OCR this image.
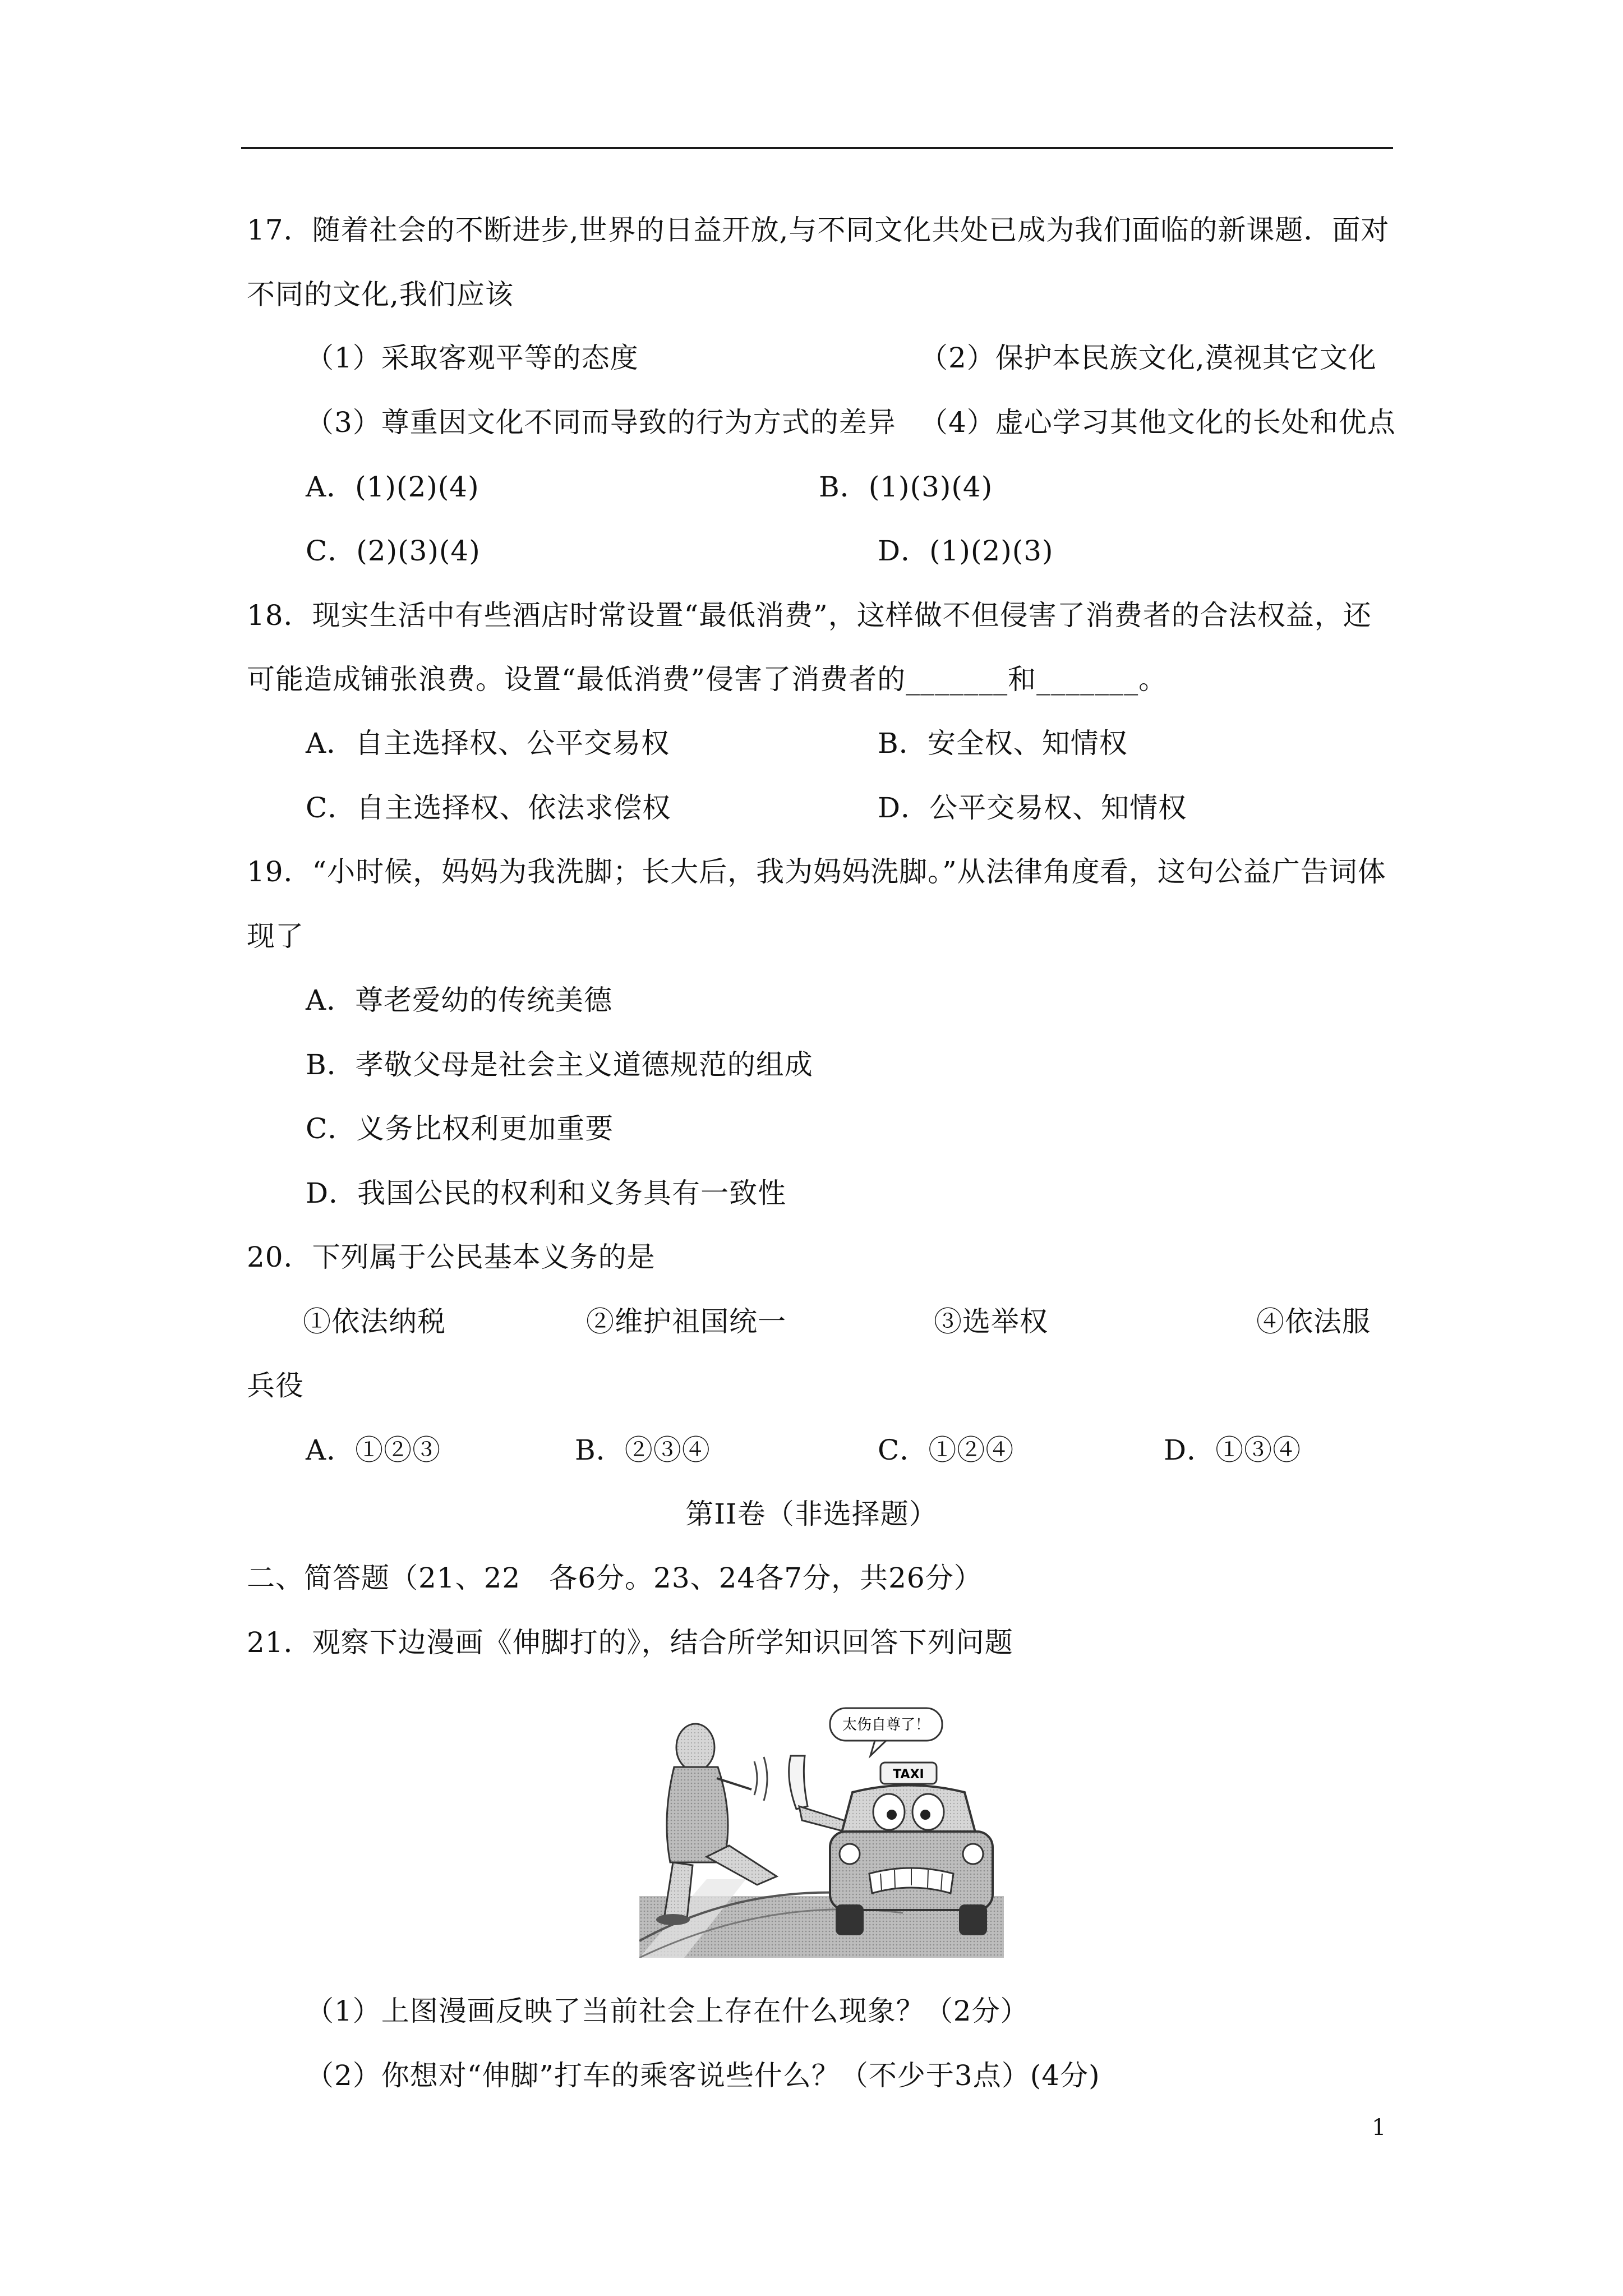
17．随着社会的不断进步,世界的日益开放,与不同文化共处已成为我们面临的新课题．面对
不同的文化,我们应该
（1）采取客观平等的态度	（2）保护本民族文化,漠视其它文化
（3）尊重因文化不同而导致的行为方式的差异 （4）虚心学习其他文化的长处和优点
A．(1)(2)(4)	B．(1)(3)(4)
C．(2)(3)(4)	D．(1)(2)(3)
18．现实生活中有些酒店时常设置“最低消费”，这样做不但侵害了消费者的合法权益，还
可能造成铺张浪费。设置“最低消费”侵害了消费者的_______和_______。
A．自主选择权、公平交易权	B．安全权、知情权
C．自主选择权、依法求偿权	D．公平交易权、知情权
19．“小时候，妈妈为我洗脚；长大后，我为妈妈洗脚。”从法律角度看，这句公益广告词体
现了
A．尊老爱幼的传统美德
B．孝敬父母是社会主义道德规范的组成
C．义务比权利更加重要
D．我国公民的权利和义务具有一致性
20．下列属于公民基本义务的是
①依法纳税	②维护祖国统一	③选举权	④依法服
兵役
A．①②③	B．②③④	C．①②④	D．①③④
第II卷（非选择题）
二、简答题（21、22　各6分。23、24各7分，共26分）
21．观察下边漫画《伸脚打的》，结合所学知识回答下列问题
太伤自尊了！
TAXI
（1）上图漫画反映了当前社会上存在什么现象？（2分）
（2）你想对“伸脚”打车的乘客说些什么？（不少于3点）(4分)
1
